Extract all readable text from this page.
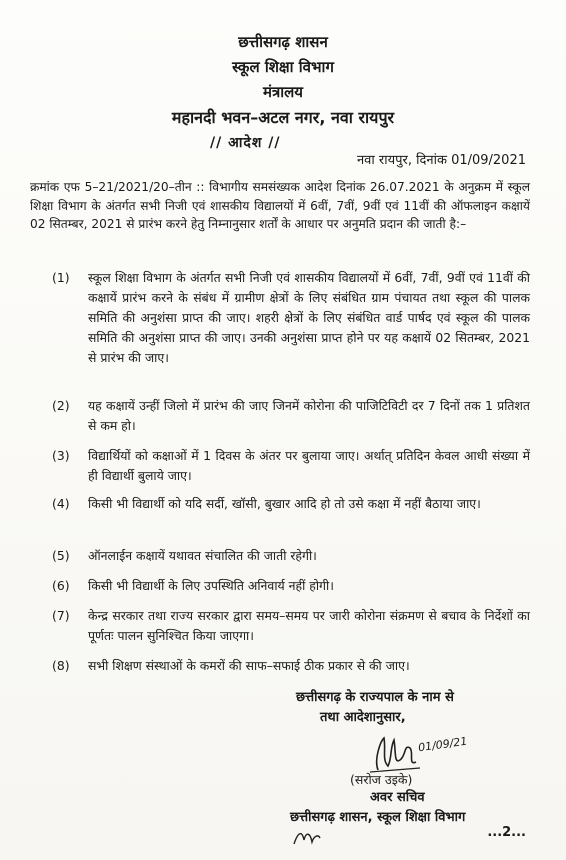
छत्तीसगढ़ शासन
स्कूल शिक्षा विभाग
मंत्रालय
महानदी भवन–अटल नगर, नवा रायपुर
// आदेश //
नवा रायपुर, दिनांक 01/09/2021
क्रमांक एफ 5–21/2021/20–तीन :: विभागीय समसंख्यक आदेश दिनांक 26.07.2021 के अनुक्रम में स्कूल शिक्षा विभाग के अंतर्गत सभी निजी एवं शासकीय विद्यालयों में 6वीं, 7वीं, 9वीं एवं 11वीं की ऑफलाइन कक्षायें 02 सितम्बर, 2021 से प्रारंभ करने हेतु निम्नानुसार शर्तों के आधार पर अनुमति प्रदान की जाती है:–
(1)	स्कूल शिक्षा विभाग के अंतर्गत सभी निजी एवं शासकीय विद्यालयों में 6वीं, 7वीं, 9वीं एवं 11वीं की कक्षायें प्रारंभ करने के संबंध में ग्रामीण क्षेत्रों के लिए संबंधित ग्राम पंचायत तथा स्कूल की पालक समिति की अनुशंसा प्राप्त की जाए। शहरी क्षेत्रों के लिए संबंधित वार्ड पार्षद एवं स्कूल की पालक समिति की अनुशंसा प्राप्त की जाए। उनकी अनुशंसा प्राप्त होने पर यह कक्षायें 02 सितम्बर, 2021 से प्रारंभ की जाए।
(2)	यह कक्षायें उन्हीं जिलो में प्रारंभ की जाए जिनमें कोरोना की पाजिटिविटी दर 7 दिनों तक 1 प्रतिशत से कम हो।
(3)	विद्यार्थियों को कक्षाओं में 1 दिवस के अंतर पर बुलाया जाए। अर्थात् प्रतिदिन केवल आधी संख्या में ही विद्यार्थी बुलाये जाए।
(4)	किसी भी विद्यार्थी को यदि सर्दी, खॉसी, बुखार आदि हो तो उसे कक्षा में नहीं बैठाया जाए।
(5)	ऑनलाईन कक्षायें यथावत संचालित की जाती रहेगी।
(6)	किसी भी विद्यार्थी के लिए उपस्थिति अनिवार्य नहीं होगी।
(7)	केन्द्र सरकार तथा राज्य सरकार द्वारा समय–समय पर जारी कोरोना संक्रमण से बचाव के निर्देशों का पूर्णतः पालन सुनिश्चित किया जाएगा।
(8)	सभी शिक्षण संस्थाओं के कमरों की साफ–सफाई ठीक प्रकार से की जाए।
छत्तीसगढ़ के राज्यपाल के नाम से
तथा आदेशानुसार,
01/09/21
(सरोज उइके)
अवर सचिव
छत्तीसगढ़ शासन, स्कूल शिक्षा विभाग
...2...
